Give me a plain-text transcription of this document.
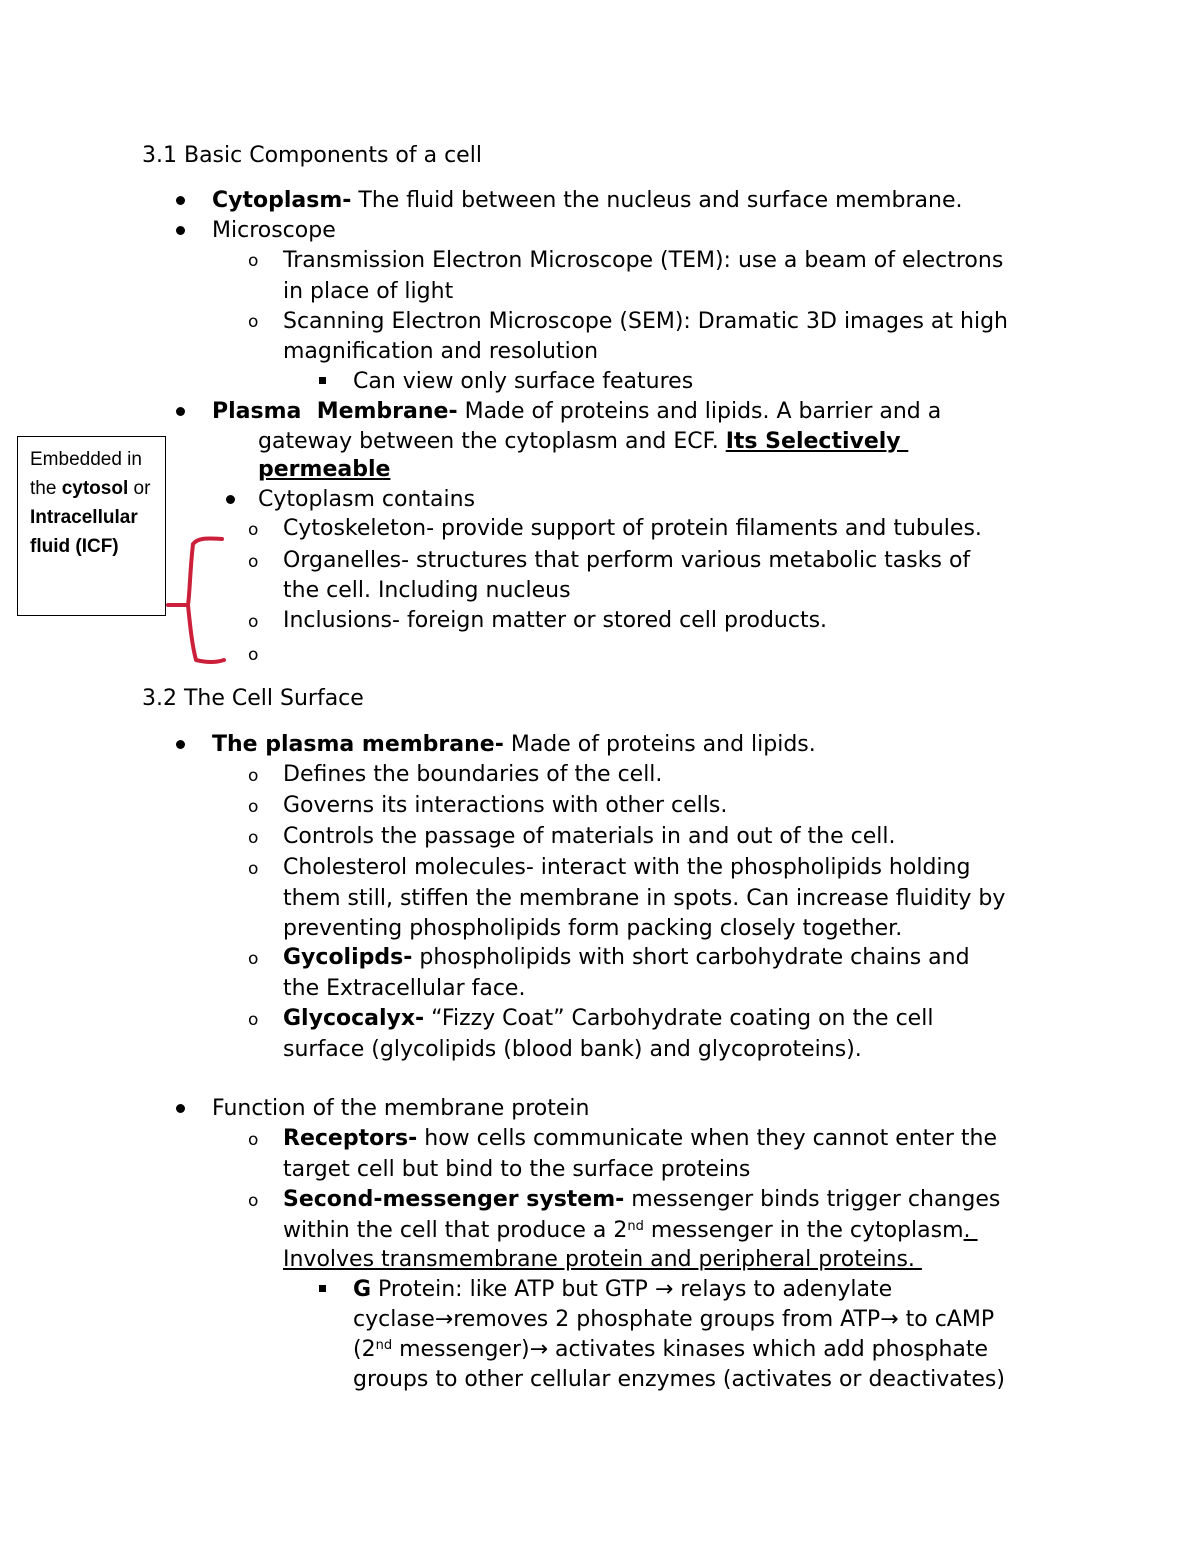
3.1 Basic Components of a cell
Cytoplasm- The fluid between the nucleus and surface membrane.
Microscope
o Transmission Electron Microscope (TEM): use a beam of electrons
in place of light
o Scanning Electron Microscope (SEM): Dramatic 3D images at high
magnification and resolution
Can view only surface features
Plasma  Membrane- Made of proteins and lipids. A barrier and a
gateway between the cytoplasm and ECF. Its Selectively
permeable
Cytoplasm contains
o Cytoskeleton- provide support of protein filaments and tubules.
o Organelles- structures that perform various metabolic tasks of
the cell. Including nucleus
o Inclusions- foreign matter or stored cell products.
o
Embedded in
the cytosol or
Intracellular
fluid (ICF)
3.2 The Cell Surface
The plasma membrane- Made of proteins and lipids.
o Defines the boundaries of the cell.
o Governs its interactions with other cells.
o Controls the passage of materials in and out of the cell.
o Cholesterol molecules- interact with the phospholipids holding
them still, stiffen the membrane in spots. Can increase fluidity by
preventing phospholipids form packing closely together.
o Gycolipds- phospholipids with short carbohydrate chains and
the Extracellular face.
o Glycocalyx- “Fizzy Coat” Carbohydrate coating on the cell
surface (glycolipids (blood bank) and glycoproteins).
Function of the membrane protein
o Receptors- how cells communicate when they cannot enter the
target cell but bind to the surface proteins
o Second-messenger system- messenger binds trigger changes
within the cell that produce a 2nd messenger in the cytoplasm.
Involves transmembrane protein and peripheral proteins.
G Protein: like ATP but GTP → relays to adenylate
cyclase→removes 2 phosphate groups from ATP→ to cAMP
(2nd messenger)→ activates kinases which add phosphate
groups to other cellular enzymes (activates or deactivates)
